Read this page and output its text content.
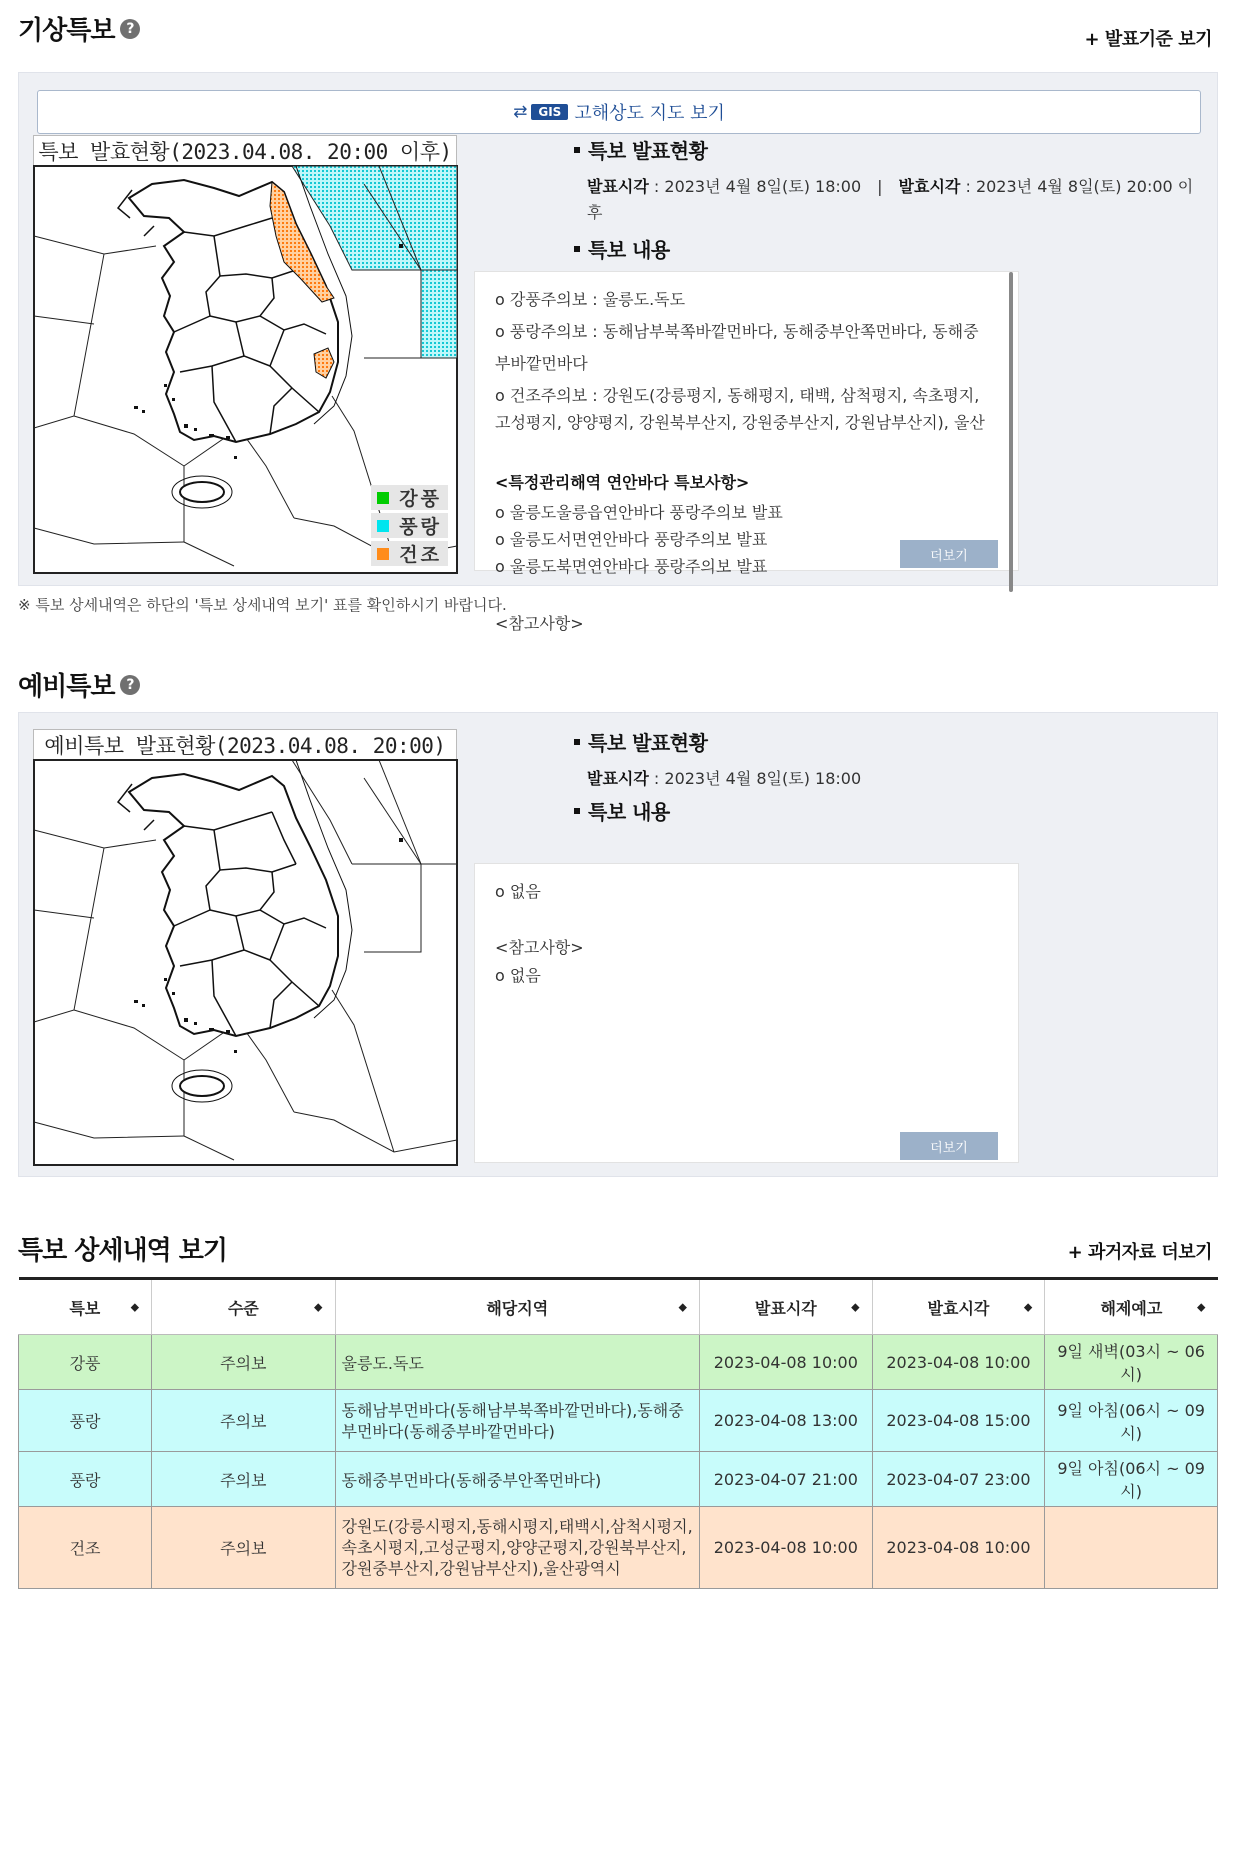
기상특보 ?
+ 발표기준 보기
⇄ GIS 고해상도 지도 보기
특보 발효현황(2023.04.08. 20:00 이후)
강풍
풍랑
건조
특보 발표현황
발표시각 : 2023년 4월 8일(토) 18:00 | 발효시각 : 2023년 4월 8일(토) 20:00 이후
특보 내용
o 강풍주의보 : 울릉도.독도
o 풍랑주의보 : 동해남부북쪽바깥먼바다, 동해중부안쪽먼바다, 동해중부바깥먼바다
o 건조주의보 : 강원도(강릉평지, 동해평지, 태백, 삼척평지, 속초평지, 고성평지, 양양평지, 강원북부산지, 강원중부산지, 강원남부산지), 울산
<특정관리해역 연안바다 특보사항>
o 울릉도울릉읍연안바다 풍랑주의보 발표
o 울릉도서면연안바다 풍랑주의보 발표
o 울릉도북면연안바다 풍랑주의보 발표
<참고사항>
더보기
※ 특보 상세내역은 하단의 '특보 상세내역 보기' 표를 확인하시기 바랍니다.
예비특보 ?
예비특보 발표현황(2023.04.08. 20:00)	특보 발표현황
발표시각 : 2023년 4월 8일(토) 18:00
특보 내용
o 없음
<참고사항>
o 없음
더보기
특보 상세내역 보기	+ 과거자료 더보기
특보 ◆	수준 ◆	해당지역 ◆	발표시각 ◆	발효시각 ◆	해제예고 ◆

강풍	주의보	울릉도.독도	2023-04-08 10:00	2023-04-08 10:00	9일 새벽(03시 ~ 06시)
풍랑	주의보	동해남부먼바다(동해남부북쪽바깥먼바다),동해중부먼바다(동해중부바깥먼바다)	2023-04-08 13:00	2023-04-08 15:00	9일 아침(06시 ~ 09시)
풍랑	주의보	동해중부먼바다(동해중부안쪽먼바다)	2023-04-07 21:00	2023-04-07 23:00	9일 아침(06시 ~ 09시)
건조	주의보	강원도(강릉시평지,동해시평지,태백시,삼척시평지,속초시평지,고성군평지,양양군평지,강원북부산지,강원중부산지,강원남부산지),울산광역시	2023-04-08 10:00	2023-04-08 10:00	
